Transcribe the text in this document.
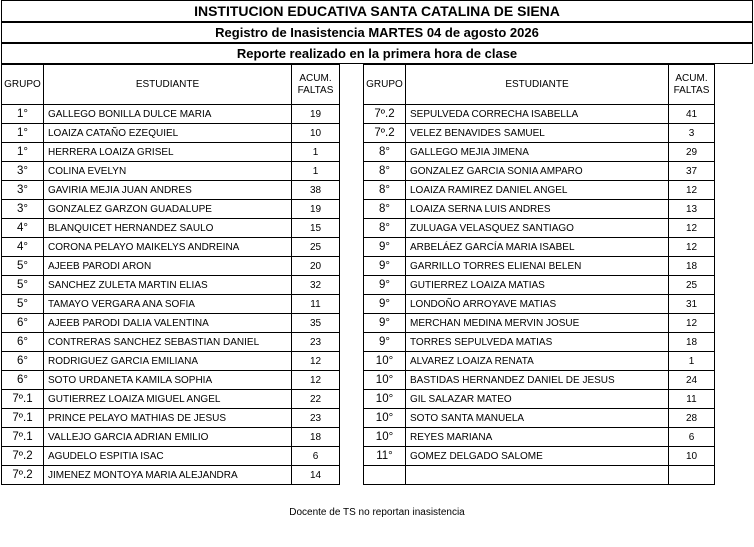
INSTITUCION EDUCATIVA SANTA CATALINA DE SIENA
Registro de Inasistencia MARTES 04 de agosto 2026
Reporte realizado en la primera hora de clase
GRUPO	ESTUDIANTE	ACUM.
FALTAS
1°	GALLEGO BONILLA DULCE MARIA	19
1°	LOAIZA CATAÑO EZEQUIEL	10
1°	HERRERA LOAIZA GRISEL	1
3°	COLINA EVELYN	1
3°	GAVIRIA MEJIA JUAN ANDRES	38
3°	GONZALEZ GARZON GUADALUPE	19
4°	BLANQUICET HERNANDEZ SAULO	15
4°	CORONA PELAYO MAIKELYS ANDREINA	25
5°	AJEEB PARODI ARON	20
5°	SANCHEZ ZULETA MARTIN ELIAS	32
5°	TAMAYO VERGARA ANA SOFIA	11
6°	AJEEB PARODI DALIA VALENTINA	35
6°	CONTRERAS SANCHEZ SEBASTIAN DANIEL	23
6°	RODRIGUEZ GARCIA EMILIANA	12
6°	SOTO URDANETA KAMILA SOPHIA	12
7º.1	GUTIERREZ LOAIZA MIGUEL ANGEL	22
7º.1	PRINCE PELAYO MATHIAS DE JESUS	23
7º.1	VALLEJO GARCIA ADRIAN EMILIO	18
7º.2	AGUDELO ESPITIA ISAC	6
7º.2	JIMENEZ MONTOYA MARIA ALEJANDRA	14
GRUPO	ESTUDIANTE	ACUM.
FALTAS
7º.2	SEPULVEDA CORRECHA ISABELLA	41
7º.2	VELEZ BENAVIDES SAMUEL	3
8°	GALLEGO MEJIA JIMENA	29
8°	GONZALEZ GARCIA SONIA AMPARO	37
8°	LOAIZA RAMIREZ DANIEL ANGEL	12
8°	LOAIZA SERNA LUIS ANDRES	13
8°	ZULUAGA VELASQUEZ SANTIAGO	12
9°	ARBELÁEZ GARCÍA MARIA ISABEL	12
9°	GARRILLO TORRES ELIENAI BELEN	18
9°	GUTIERREZ LOAIZA MATIAS	25
9°	LONDOÑO ARROYAVE MATIAS	31
9°	MERCHAN MEDINA MERVIN JOSUE	12
9°	TORRES SEPULVEDA MATIAS	18
10°	ALVAREZ LOAIZA RENATA	1
10°	BASTIDAS HERNANDEZ DANIEL DE JESUS	24
10°	GIL SALAZAR MATEO	11
10°	SOTO SANTA MANUELA	28
10°	REYES MARIANA	6
11°	GOMEZ DELGADO SALOME	10

Docente de TS no reportan inasistencia
